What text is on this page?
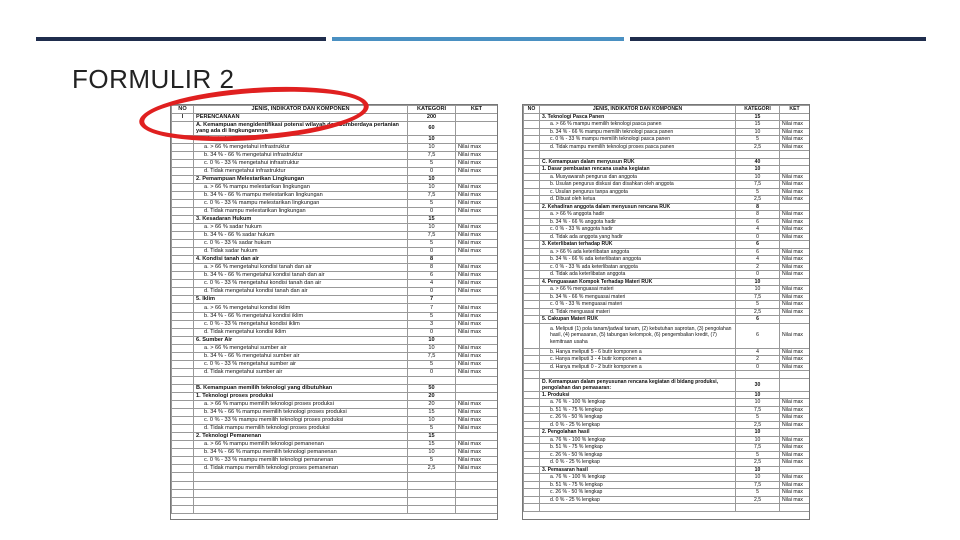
FORMULIR 2
NO	JENIS, INDIKATOR DAN KOMPONEN	KATEGORI	KET
I	PERENCANAAN	200	
	A. Kemampuan mengidentifikasi potensi wilayah dan Sumberdaya pertanian yang ada di lingkungannya	60	
	1. Infrastruktur	10	
	a. > 66 % mengetahui infrastruktur	10	Nilai max
	b. 34 % - 66 % mengetahui infrastruktur	7,5	Nilai max
	c. 0 % - 33 % mengetahui infrastruktur	5	Nilai max
	d. Tidak mengetahui infrastruktur	0	Nilai max
	2. Pemampuan Melestarikan Lingkungan	10	
	a. > 66 % mampu melestarikan lingkungan	10	Nilai max
	b. 34 % - 66 % mampu melestarikan lingkungan	7,5	Nilai max
	c. 0 % - 33 % mampu melestarikan lingkungan	5	Nilai max
	d. Tidak mampu melestarikan lingkungan	0	Nilai max
	3. Kesadaran Hukum	15	
	a. > 66 % sadar hukum	10	Nilai max
	b. 34 % - 66 % sadar hukum	7,5	Nilai max
	c. 0 % - 33 % sadar hukum	5	Nilai max
	d. Tidak sadar hukum	0	Nilai max
	4. Kondisi tanah dan air	8	
	a. > 66 % mengetahui kondisi tanah dan air	8	Nilai max
	b. 34 % - 66 % mengetahui kondisi tanah dan air	6	Nilai max
	c. 0 % - 33 % mengetahui kondisi tanah dan air	4	Nilai max
	d. Tidak mengetahui kondisi tanah dan air	0	Nilai max
	5. Iklim	7	
	a. > 66 % mengetahui kondisi iklim	7	Nilai max
	b. 34 % - 66 % mengetahui kondisi iklim	5	Nilai max
	c. 0 % - 33 % mengetahui kondisi iklim	3	Nilai max
	d. Tidak mengetahui kondisi iklim	0	Nilai max
	6. Sumber Air	10	
	a. > 66 % mengetahui sumber air	10	Nilai max
	b. 34 % - 66 % mengetahui sumber air	7,5	Nilai max
	c. 0 % - 33 % mengetahui sumber air	5	Nilai max
	d. Tidak mengetahui sumber air	0	Nilai max

	B. Kemampuan memilih teknologi yang dibutuhkan	50	
	1. Teknologi proses produksi	20	
	a. > 66 % mampu memilih teknologi proses produksi	20	Nilai max
	b. 34 % - 66 % mampu memilih teknologi proses produksi	15	Nilai max
	c. 0 % - 33 % mampu memilih teknologi proses produksi	10	Nilai max
	d. Tidak mampu memilih teknologi proses produksi	5	Nilai max
	2. Teknologi Pemanenan	15	
	a. > 66 % mampu memilih teknologi pemanenan	15	Nilai max
	b. 34 % - 66 % mampu memilih teknologi pemanenan	10	Nilai max
	c. 0 % - 33 % mampu memilih teknologi pemanenan	5	Nilai max
	d. Tidak mampu memilih teknologi proses pemanenan	2,5	Nilai max

NO	JENIS, INDIKATOR DAN KOMPONEN	KATEGORI	KET
	3. Teknologi Pasca Panen	15	
	a. > 66 % mampu memilih teknologi pasca panen	15	Nilai max
	b. 34 % - 66 % mampu memilih teknologi pasca panen	10	Nilai max
	c. 0 % - 33 % mampu memilih teknologi pasca panen	5	Nilai max
	d. Tidak mampu memilih teknologi proses pasca panen	2,5	Nilai max

	C. Kemampuan dalam menyusun RUK	40	
	1. Dasar pembuatan rencana usaha kegiatan	10	
	a. Musyawarah pengurus dan anggota	10	Nilai max
	b. Usulan pengurus diskusi dan disahkan oleh anggota	7,5	Nilai max
	c. Usulan pengurus tanpa anggota	5	Nilai max
	d. Dibuat oleh ketua	2,5	Nilai max
	2. Kehadiran anggota dalam menyusun rencana RUK	8	
	a. > 66 % anggota hadir	8	Nilai max
	b. 34 % - 66 % anggota hadir	6	Nilai max
	c. 0 % - 33 % anggota hadir	4	Nilai max
	d. Tidak ada anggota yang hadir	0	Nilai max
	3. Keterlibatan terhadap RUK	6	
	a. > 66 % ada keterlibatan anggota	6	Nilai max
	b. 34 % - 66 % ada keterlibatan anggota	4	Nilai max
	c. 0 % - 33 % ada keterlibatan anggota	2	Nilai max
	d. Tidak ada keterlibatan anggota	0	Nilai max
	4. Penguasaan Kompok Terhadap Materi RUK	10	
	a. > 66 % menguasai materi	10	Nilai max
	b. 34 % - 66 % menguasai materi	7,5	Nilai max
	c. 0 % - 33 % menguasai materi	5	Nilai max
	d. Tidak menguasai materi	2,5	Nilai max
	5. Cakupan Materi RUK	6	
	a. Meliputi (1) pola tanam/jadwal tanam, (2) kebutuhan saprotan, (3) pengolahan hasil, (4) pemasaran, (5) tabungan kelompok, (6) pengembalian kredit, (7) kemitraan usaha	6	Nilai max
	b. Hanya meliputi 5 - 6 butir komponen a	4	Nilai max
	c. Hanya meliputi 3 - 4 butir komponen a	2	Nilai max
	d. Hanya meliputi 0 - 2 butir komponen a	0	Nilai max

	D. Kemampuan dalam penyusunan rencana kegiatan di bidang produksi, pengolahan dan pemasaran:	30	
	1. Produksi	10	
	a. 76 % - 100 % lengkap	10	Nilai max
	b. 51 % - 75 % lengkap	7,5	Nilai max
	c. 26 % - 50 % lengkap	5	Nilai max
	d. 0 % - 25 % lengkap	2,5	Nilai max
	2. Pengolahan hasil	10	
	a. 76 % - 100 % lengkap	10	Nilai max
	b. 51 % - 75 % lengkap	7,5	Nilai max
	c. 26 % - 50 % lengkap	5	Nilai max
	d. 0 % - 25 % lengkap	2,5	Nilai max
	3. Pemasaran hasil	10	
	a. 76 % - 100 % lengkap	10	Nilai max
	b. 51 % - 75 % lengkap	7,5	Nilai max
	c. 26 % - 50 % lengkap	5	Nilai max
	d. 0 % - 25 % lengkap	2,5	Nilai max
